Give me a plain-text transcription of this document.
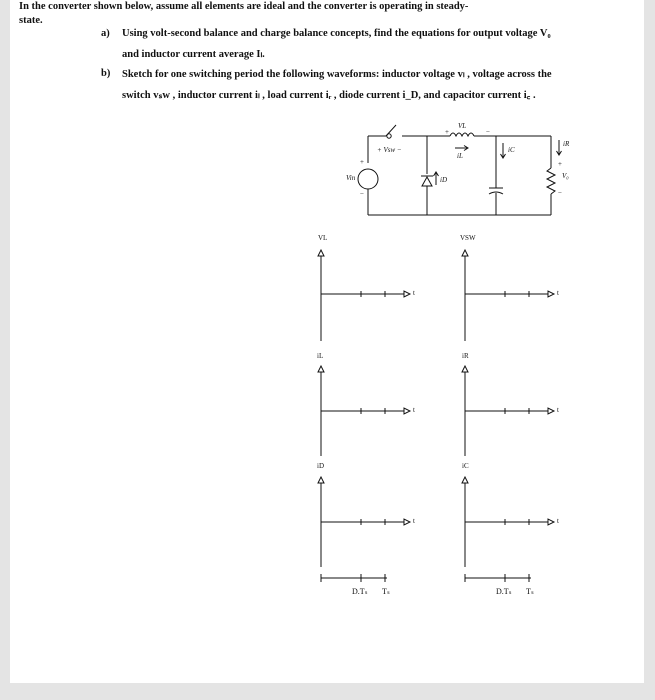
In the converter shown below, assume all elements are ideal and the converter is operating in steady-
state.
a) Using volt-second balance and charge balance concepts, find the equations for output voltage V₀
and inductor current average Iₗ.
b) Sketch for one switching period the following waveforms: inductor voltage vₗ , voltage across the
switch vₛw , inductor current iₗ , load current iᵣ , diode current i_D, and capacitor current i꜀ .
VL
+	−
iL
+ Vsw −
Vin
+
−
iD
iC
iR
V₀
+
−
VL	VSW
iL	iR
iD	iC
t	t
t	t
t	t
D.Tₛ Tₛ	D.Tₛ Tₛ
